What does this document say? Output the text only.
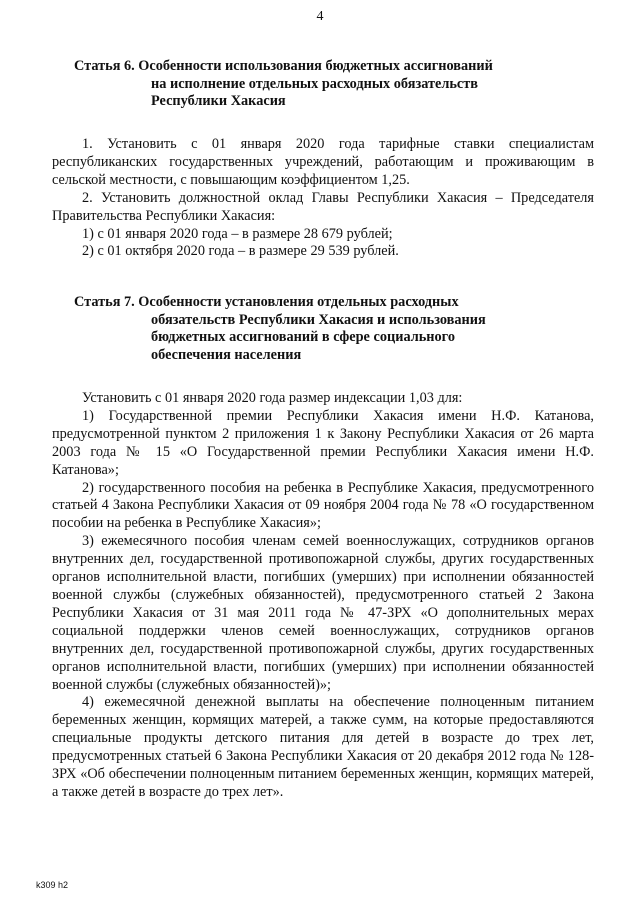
4
Статья 6. Особенности использования бюджетных ассигнований
на исполнение отдельных расходных обязательств
Республики Хакасия

1. Установить с 01 января 2020 года тарифные ставки специалистам республиканских государственных учреждений, работающим и проживающим в сельской местности, с повышающим коэффициентом 1,25.

2. Установить должностной оклад Главы Республики Хакасия – Председателя Правительства Республики Хакасия:

1) с 01 января 2020 года – в размере 28 679 рублей;

2) с 01 октября 2020 года – в размере 29 539 рублей.

Статья 7. Особенности установления отдельных расходных
обязательств Республики Хакасия и использования
бюджетных ассигнований в сфере социального
обеспечения населения

Установить с 01 января 2020 года размер индексации 1,03 для:

1) Государственной премии Республики Хакасия имени Н.Ф. Катанова, предусмотренной пунктом 2 приложения 1 к Закону Республики Хакасия от 26 марта 2003 года № 15 «О Государственной премии Республики Хакасия имени Н.Ф. Катанова»;

2) государственного пособия на ребенка в Республике Хакасия, предусмотренного статьей 4 Закона Республики Хакасия от 09 ноября 2004 года № 78 «О государственном пособии на ребенка в Республике Хакасия»;

3) ежемесячного пособия членам семей военнослужащих, сотрудников органов внутренних дел, государственной противопожарной службы, других государственных органов исполнительной власти, погибших (умерших) при исполнении обязанностей военной службы (служебных обязанностей), предусмотренного статьей 2 Закона Республики Хакасия от 31 мая 2011 года № 47-ЗРХ «О дополнительных мерах социальной поддержки членов семей военнослужащих, сотрудников органов внутренних дел, государственной противопожарной службы, других государственных органов исполнительной власти, погибших (умерших) при исполнении обязанностей военной службы (служебных обязанностей)»;

4) ежемесячной денежной выплаты на обеспечение полноценным питанием беременных женщин, кормящих матерей, а также сумм, на которые предоставляются специальные продукты детского питания для детей в возрасте до трех лет, предусмотренных статьей 6 Закона Республики Хакасия от 20 декабря 2012 года № 128-ЗРХ «Об обеспечении полноценным питанием беременных женщин, кормящих матерей, а также детей в возрасте до трех лет».

k309 h2
